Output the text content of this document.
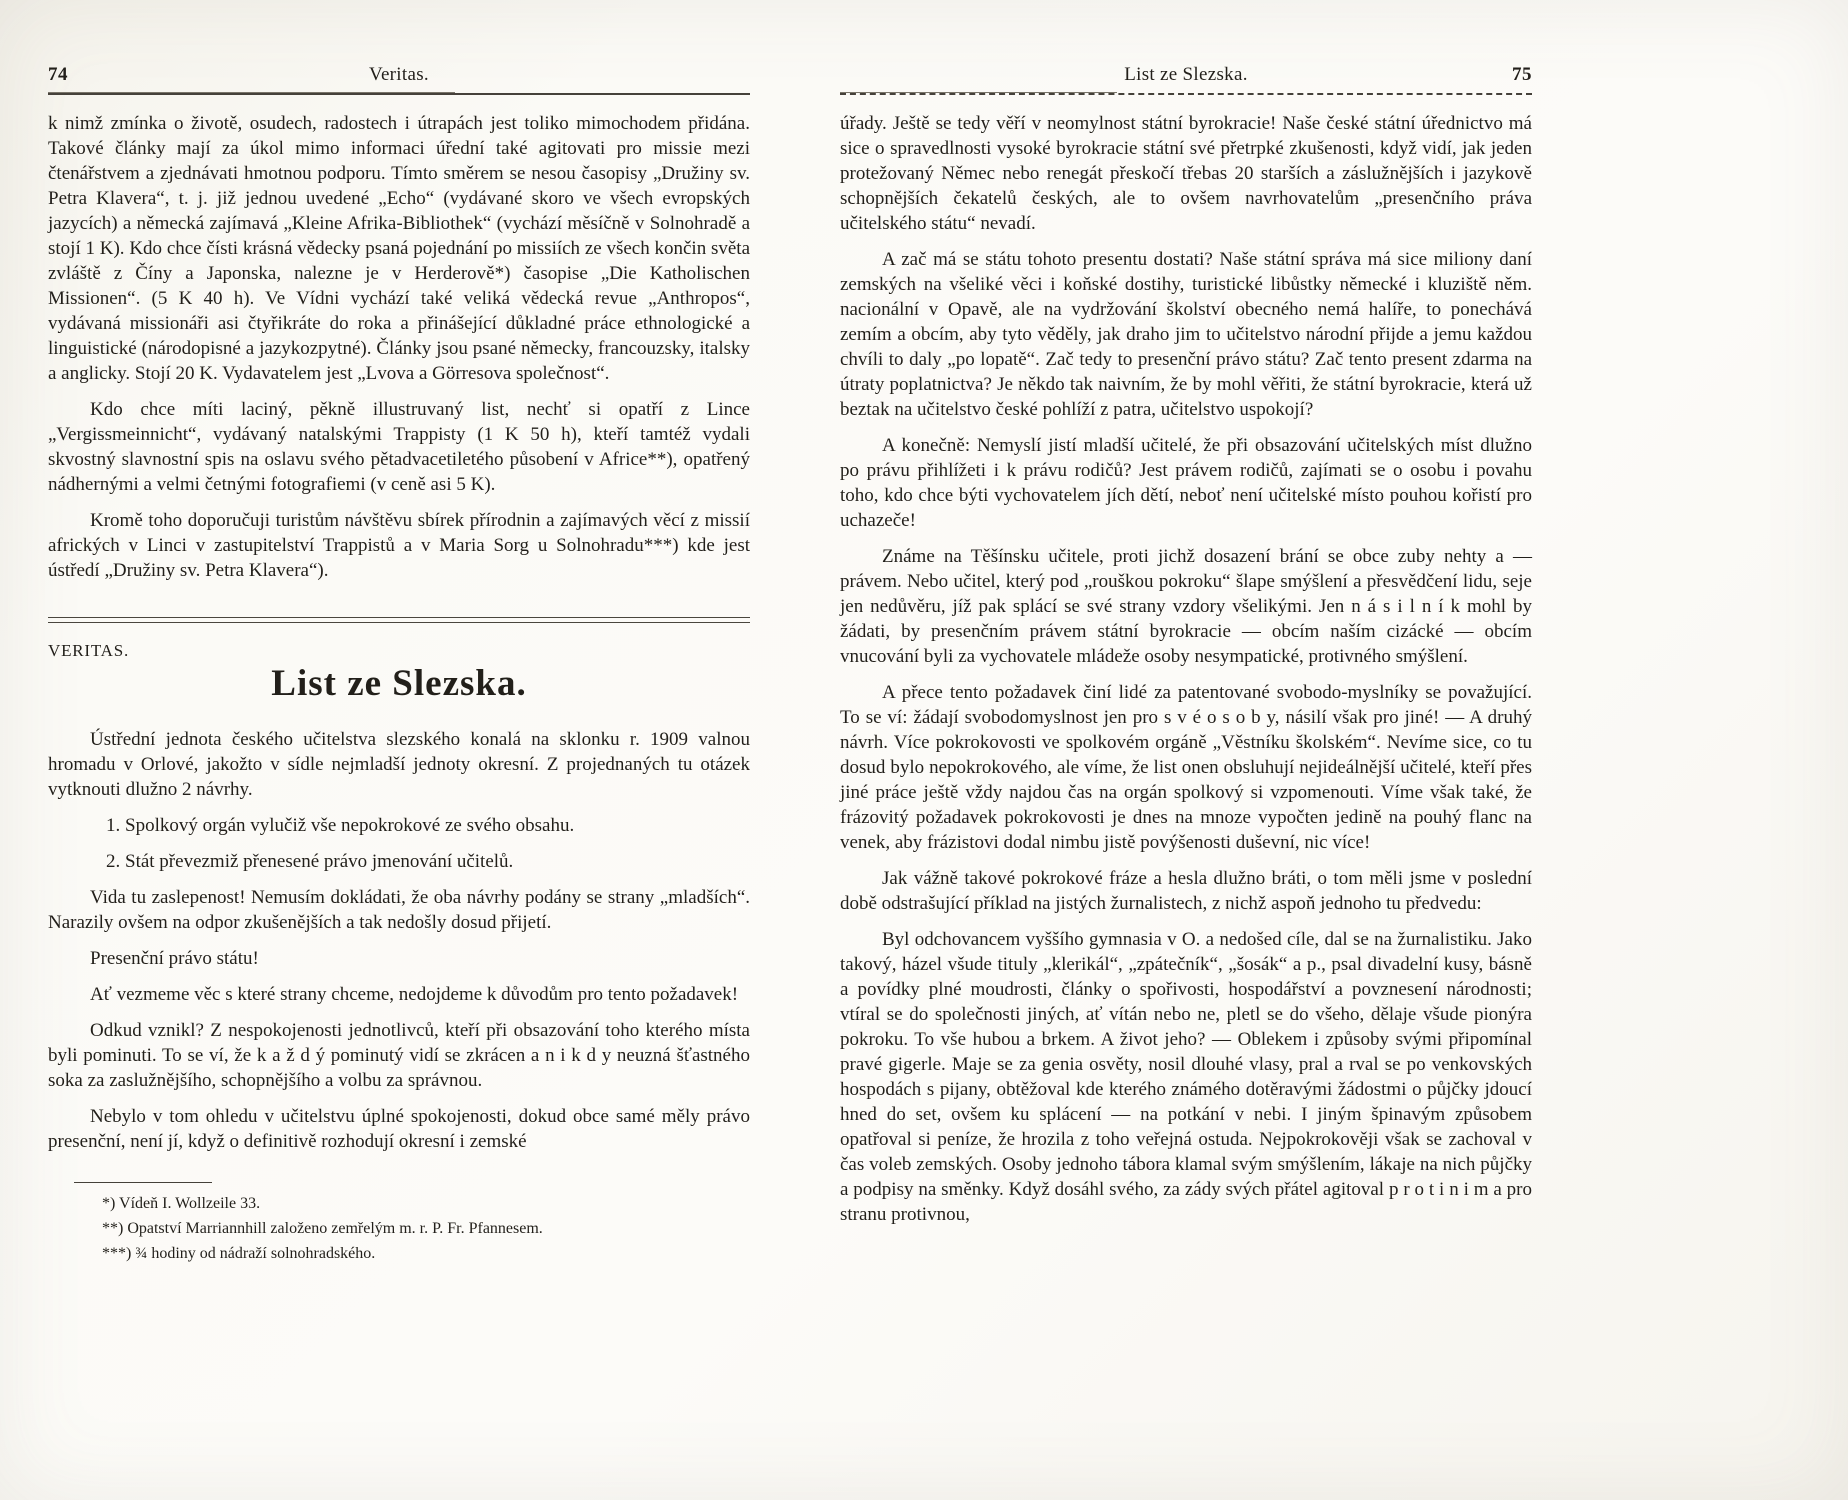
74	Veritas.

k nimž zmínka o životě, osudech, radostech i útrapách jest toliko mimochodem přidána. Takové články mají za úkol mimo informaci úřední také agitovati pro missie mezi čtenářstvem a zjednávati hmotnou podporu. Tímto směrem se nesou časopisy „Družiny sv. Petra Klavera“, t. j. již jednou uvedené „Echo“ (vydávané skoro ve všech evropských jazycích) a německá zajímavá „Kleine Afrika-Bibliothek“ (vychází měsíčně v Solnohradě a stojí 1 K). Kdo chce čísti krásná vědecky psaná pojednání po missiích ze všech končin světa zvláště z Číny a Japonska, nalezne je v Herderově*) časopise „Die Katholischen Missionen“. (5 K 40 h). Ve Vídni vychází také veliká vědecká revue „Anthropos“, vydávaná missionáři asi čtyřikráte do roka a přinášející důkladné práce ethnologické a linguistické (národopisné a jazykozpytné). Články jsou psané německy, francouzsky, italsky a anglicky. Stojí 20 K. Vydavatelem jest „Lvova a Görresova společnost“.

Kdo chce míti laciný, pěkně illustruvaný list, nechť si opatří z Lince „Vergissmeinnicht“, vydávaný natalskými Trappisty (1 K 50 h), kteří tamtéž vydali skvostný slavnostní spis na oslavu svého pětadvacetiletého působení v Africe**), opatřený nádhernými a velmi četnými fotografiemi (v ceně asi 5 K).

Kromě toho doporučuji turistům návštěvu sbírek přírodnin a zajímavých věcí z missií afrických v Linci v zastupitelství Trappistů a v Maria Sorg u Solnohradu***) kde jest ústředí „Družiny sv. Petra Klavera“).

VERITAS.
List ze Slezska.

Ústřední jednota českého učitelstva slezského konalá na sklonku r. 1909 valnou hromadu v Orlové, jakožto v sídle nejmladší jednoty okresní. Z projednaných tu otázek vytknouti dlužno 2 návrhy.

1. Spolkový orgán vylučiž vše nepokrokové ze svého obsahu.

2. Stát převezmiž přenesené právo jmenování učitelů.

Vida tu zaslepenost! Nemusím dokládati, že oba návrhy podány se strany „mladších“. Narazily ovšem na odpor zkušenějších a tak nedošly dosud přijetí.

Presenční právo státu!

Ať vezmeme věc s které strany chceme, nedojdeme k důvodům pro tento požadavek!

Odkud vznikl? Z nespokojenosti jednotlivců, kteří při obsazování toho kterého místa byli pominuti. To se ví, že k a ž d ý pominutý vidí se zkrácen a n i k d y neuzná šťastného soka za zaslužnějšího, schopnějšího a volbu za správnou.

Nebylo v tom ohledu v učitelstvu úplné spokojenosti, dokud obce samé měly právo presenční, není jí, když o definitivě rozhodují okresní i zemské

*) Vídeň I. Wollzeile 33.

**) Opatství Marriannhill založeno zemřelým m. r. P. Fr. Pfannesem.

***) ¾ hodiny od nádraží solnohradského.

List ze Slezska.	75

úřady. Ještě se tedy věří v neomylnost státní byrokracie! Naše české státní úřednictvo má sice o spravedlnosti vysoké byrokracie státní své přetrpké zkušenosti, když vidí, jak jeden protežovaný Němec nebo renegát přeskočí třebas 20 starších a záslužnějších i jazykově schopnějších čekatelů českých, ale to ovšem navrhovatelům „presenčního práva učitelského státu“ nevadí.

A zač má se státu tohoto presentu dostati? Naše státní správa má sice miliony daní zemských na všeliké věci i koňské dostihy, turistické libůstky německé i kluziště něm. nacionální v Opavě, ale na vydržování školství obecného nemá halíře, to ponechává zemím a obcím, aby tyto věděly, jak draho jim to učitelstvo národní přijde a jemu každou chvíli to daly „po lopatě“. Zač tedy to presenční právo státu? Zač tento present zdarma na útraty poplatnictva? Je někdo tak naivním, že by mohl věřiti, že státní byrokracie, která už beztak na učitelstvo české pohlíží z patra, učitelstvo uspokojí?

A konečně: Nemyslí jistí mladší učitelé, že při obsazování učitelských míst dlužno po právu přihlížeti i k právu rodičů? Jest právem rodičů, zajímati se o osobu i povahu toho, kdo chce býti vychovatelem jích dětí, neboť není učitelské místo pouhou kořistí pro uchazeče!

Známe na Těšínsku učitele, proti jichž dosazení brání se obce zuby nehty a — právem. Nebo učitel, který pod „rouškou pokroku“ šlape smýšlení a přesvědčení lidu, seje jen nedůvěru, jíž pak splácí se své strany vzdory všelikými. Jen n á s i l n í k mohl by žádati, by presenčním právem státní byrokracie — obcím naším cizácké — obcím vnucování byli za vychovatele mládeže osoby nesympatické, protivného smýšlení.

A přece tento požadavek činí lidé za patentované svobodo-myslníky se považující. To se ví: žádají svobodomyslnost jen pro s v é o s o b y, násilí však pro jiné! — A druhý návrh. Více pokrokovosti ve spolkovém orgáně „Věstníku školském“. Nevíme sice, co tu dosud bylo nepokrokového, ale víme, že list onen obsluhují nejideálnější učitelé, kteří přes jiné práce ještě vždy najdou čas na orgán spolkový si vzpomenouti. Víme však také, že frázovitý požadavek pokrokovosti je dnes na mnoze vypočten jedině na pouhý flanc na venek, aby frázistovi dodal nimbu jistě povýšenosti duševní, nic více!

Jak vážně takové pokrokové fráze a hesla dlužno bráti, o tom měli jsme v poslední době odstrašující příklad na jistých žurnalistech, z nichž aspoň jednoho tu předvedu:

Byl odchovancem vyššího gymnasia v O. a nedošed cíle, dal se na žurnalistiku. Jako takový, házel všude tituly „klerikál“, „zpátečník“, „šosák“ a p., psal divadelní kusy, básně a povídky plné moudrosti, články o spořivosti, hospodářství a povznesení národnosti; vtíral se do společnosti jiných, ať vítán nebo ne, pletl se do všeho, dělaje všude pionýra pokroku. To vše hubou a brkem. A život jeho? — Oblekem i způsoby svými připomínal pravé gigerle. Maje se za genia osvěty, nosil dlouhé vlasy, pral a rval se po venkovských hospodách s pijany, obtěžoval kde kterého známého dotěravými žádostmi o půjčky jdoucí hned do set, ovšem ku splácení — na potkání v nebi. I jiným špinavým způsobem opatřoval si peníze, že hrozila z toho veřejná ostuda. Nejpokrokověji však se zachoval v čas voleb zemských. Osoby jednoho tábora klamal svým smýšlením, lákaje na nich půjčky a podpisy na směnky. Když dosáhl svého, za zády svých přátel agitoval p r o t i n i m a pro stranu protivnou,
